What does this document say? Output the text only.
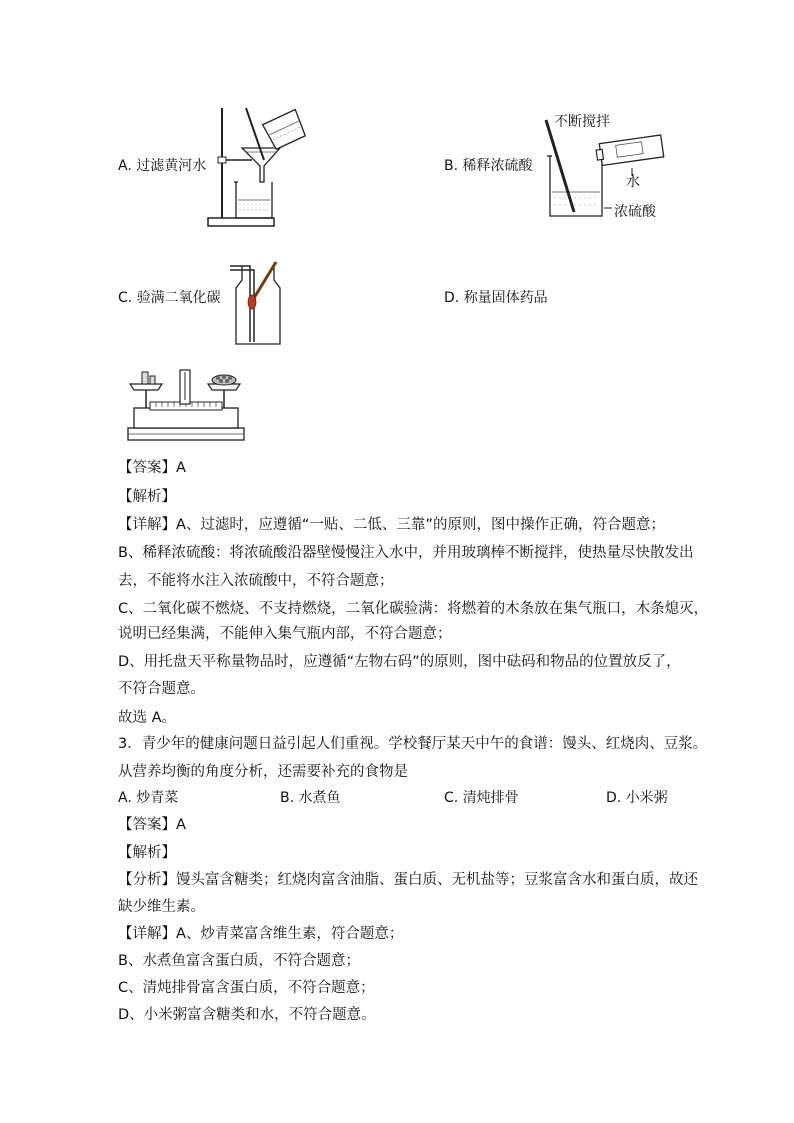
A. 过滤黄河水	B. 稀释浓硫酸
不断搅拌
水
浓硫酸
C. 验满二氧化碳	D. 称量固体药品
【答案】A
【解析】
【详解】A、过滤时，应遵循“一贴、二低、三靠”的原则，图中操作正确，符合题意；
B、稀释浓硫酸：将浓硫酸沿器壁慢慢注入水中，并用玻璃棒不断搅拌，使热量尽快散发出
去，不能将水注入浓硫酸中，不符合题意；
C、二氧化碳不燃烧、不支持燃烧，二氧化碳验满：将燃着的木条放在集气瓶口，木条熄灭，
说明已经集满，不能伸入集气瓶内部，不符合题意；
D、用托盘天平称量物品时，应遵循“左物右码”的原则，图中砝码和物品的位置放反了，
不符合题意。
故选 A。
3．青少年的健康问题日益引起人们重视。学校餐厅某天中午的食谱：馒头、红烧肉、豆浆。
从营养均衡的角度分析，还需要补充的食物是
A. 炒青菜	B. 水煮鱼	C. 清炖排骨	D. 小米粥
【答案】A
【解析】
【分析】馒头富含糖类；红烧肉富含油脂、蛋白质、无机盐等；豆浆富含水和蛋白质，故还
缺少维生素。
【详解】A、炒青菜富含维生素，符合题意；
B、水煮鱼富含蛋白质，不符合题意；
C、清炖排骨富含蛋白质，不符合题意；
D、小米粥富含糖类和水，不符合题意。
